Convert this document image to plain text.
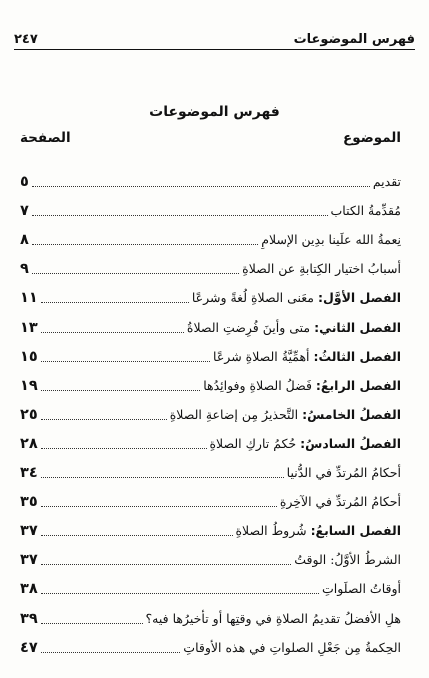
فهرس الموضوعات
٢٤٧
فهرس الموضوعات
الموضوع
الصفحة
تقديم
٥
مُقدِّمةُ الكتاب
٧
نِعمةُ الله علَينا بدِين الإسلامِ
٨
أسبابُ اختيار الكِتابةِ عن الصلاةِ
٩
الفصل الأوَّل: معَنى الصلاةِ لُغةً وشرعًا
١١
الفصل الثاني: متى وأينَ فُرِضتِ الصلاةُ
١٣
الفصل الثالثُ: أهمِّيَّةُ الصلاةِ شرعًا
١٥
الفصل الرابعُ: فَضلُ الصلاةِ وفوائِدُها
١٩
الفصلُ الخامسُ: التَّحذيرُ مِن إضاعةِ الصلاةِ
٢٥
الفصلُ السادسُ: حُكمُ تاركِ الصلاةِ
٢٨
أحكامُ المُرتدِّ في الدُّنيا
٣٤
أحكامُ المُرتدِّ في الآخِرةِ
٣٥
الفصل السابعُ: شُروطُ الصلاةِ
٣٧
الشرطُ الأوَّلُ: الوقتُ
٣٧
أوقاتُ الصلَواتِ
٣٨
هلِ الأفضلُ تقديمُ الصلاةِ في وقتِها أو تأخيرُها فيه؟
٣٩
الحِكمةُ مِن جَعْلِ الصلواتِ في هذه الأوقاتِ
٤٧
